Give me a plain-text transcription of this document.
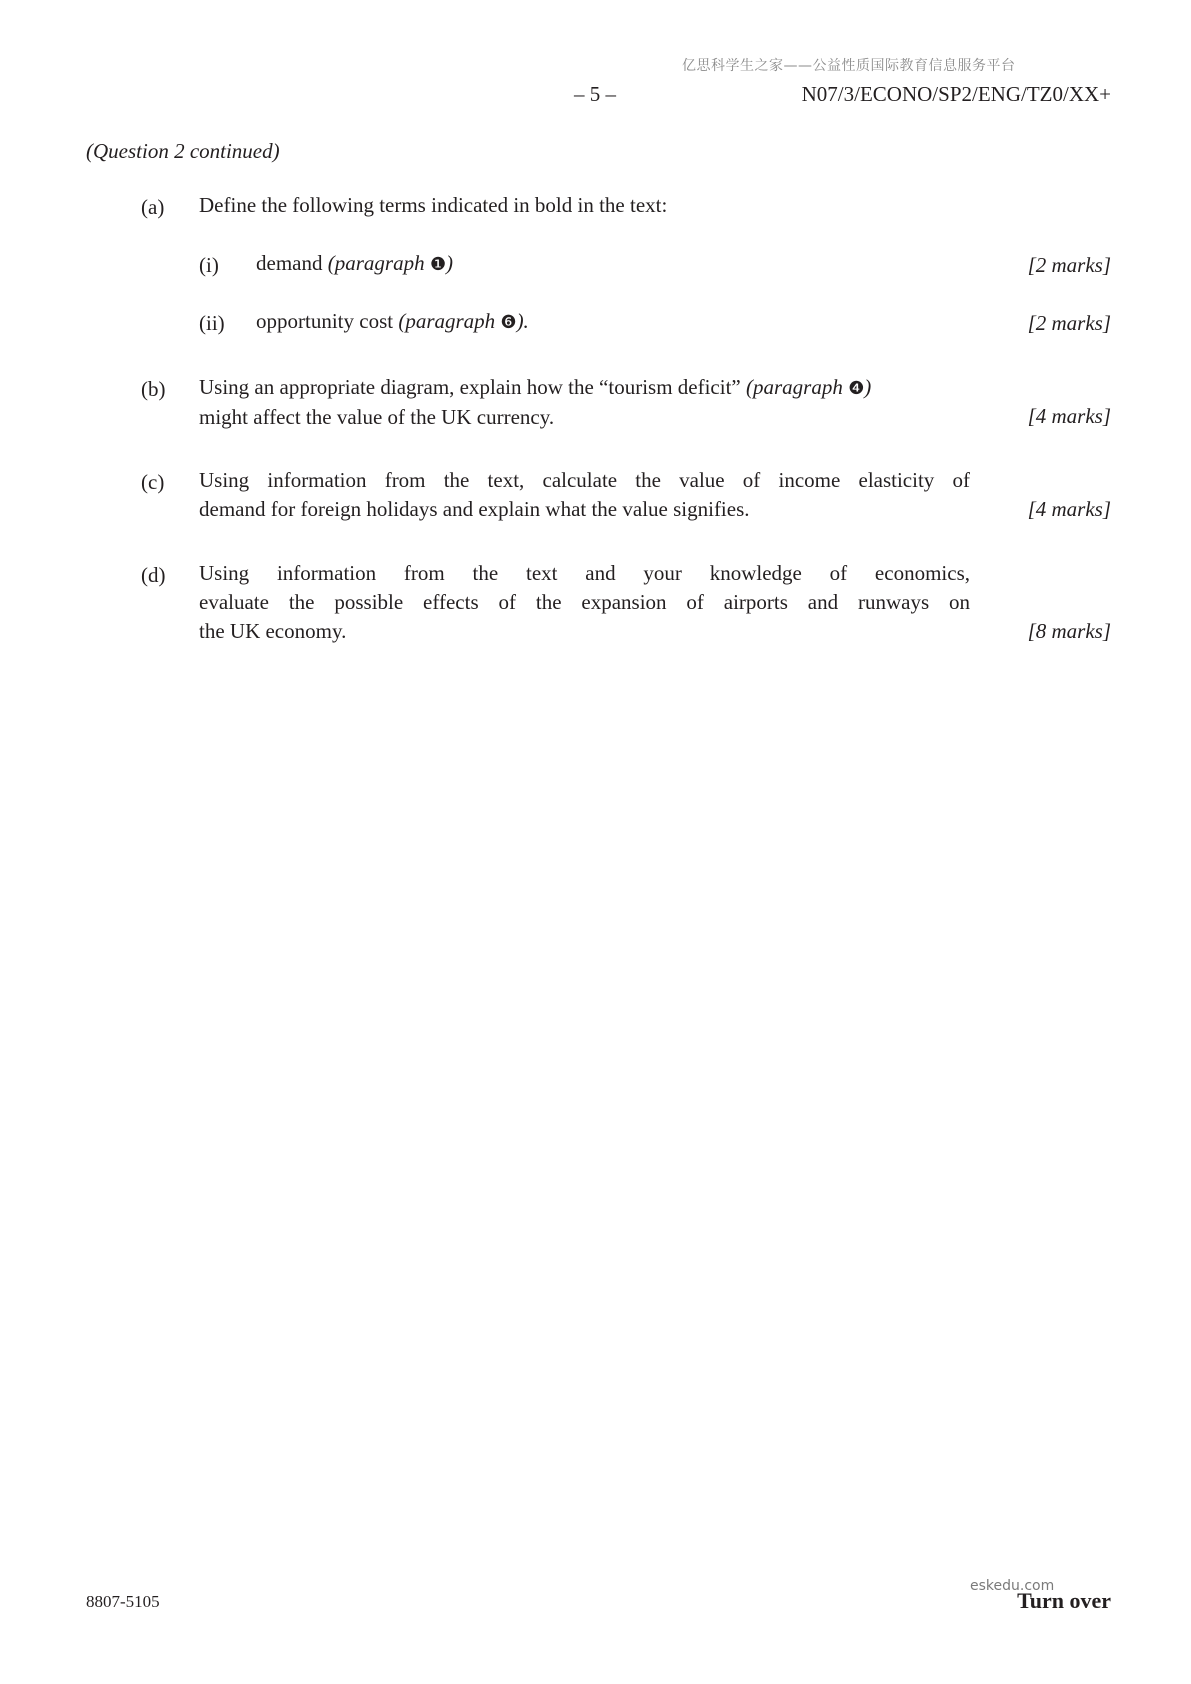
亿思科学生之家——公益性质国际教育信息服务平台
– 5 –	N07/3/ECONO/SP2/ENG/TZ0/XX+
(Question 2 continued)
(a) Define the following terms indicated in bold in the text:
(i) demand (paragraph ❶)	[2 marks]
(ii) opportunity cost (paragraph ❻).	[2 marks]
(b) Using an appropriate diagram, explain how the “tourism deficit” (paragraph ❹)
might affect the value of the UK currency.	[4 marks]
(c) Using information from the text, calculate the value of income elasticity of
demand for foreign holidays and explain what the value signifies.	[4 marks]
(d) Using information from the text and your knowledge of economics,
evaluate the possible effects of the expansion of airports and runways on
the UK economy.	[8 marks]
8807-5105
eskedu.com
Turn over
